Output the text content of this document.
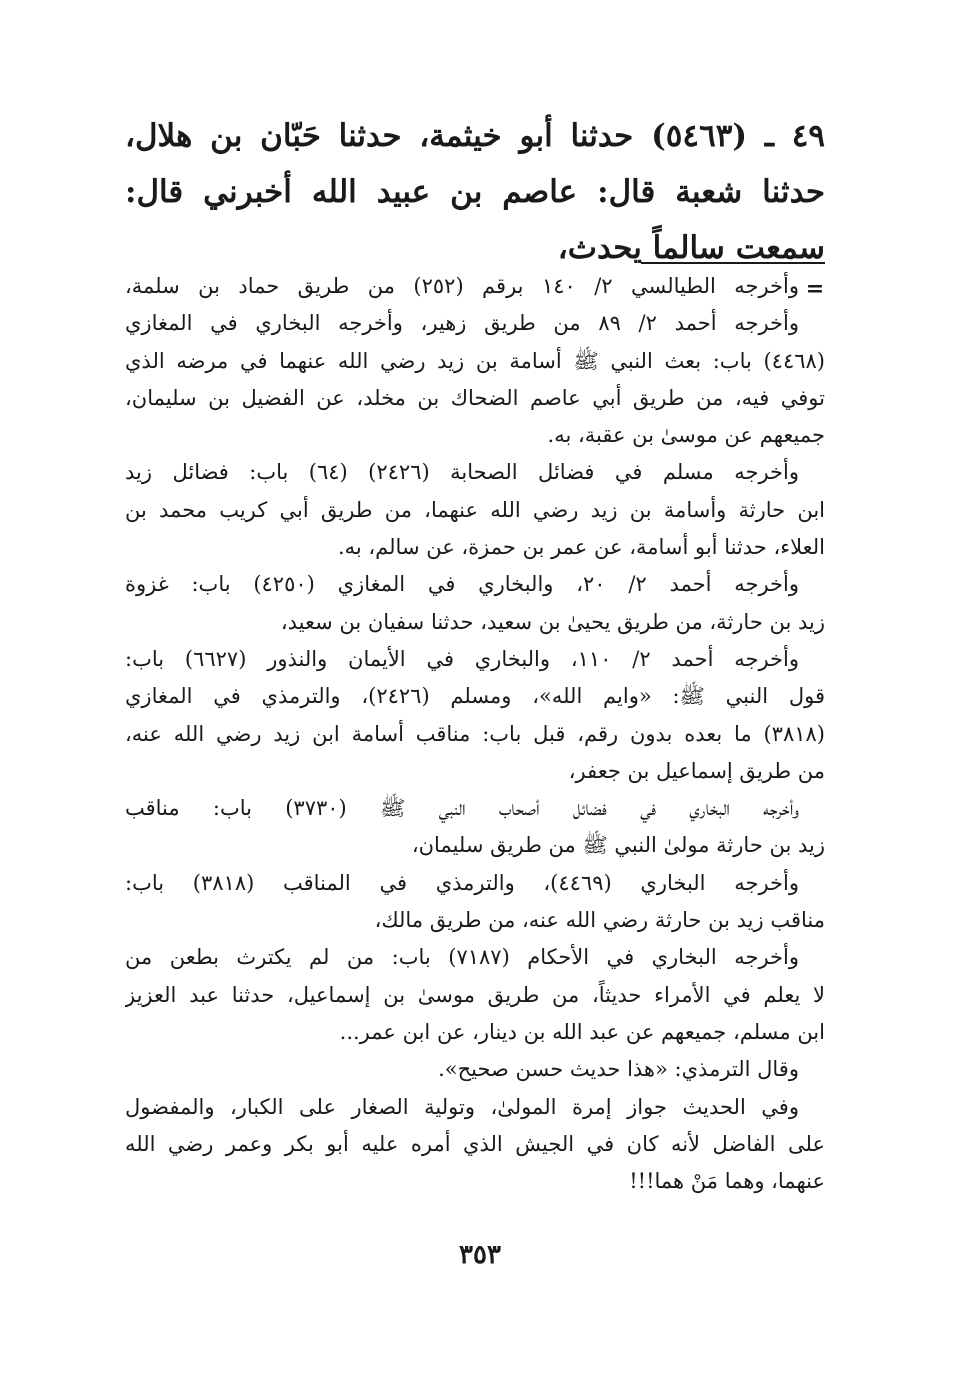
٤٩ ـ (٥٤٦٣) حدثنا أبو خيثمة، حدثنا حَبّان بن هلال، حدثنا شعبة قال: عاصم بن عبيد الله أخبرني قال: سمعت سالماً يحدث،
=
وأخرجه الطيالسي ٢/ ١٤٠ برقم (٢٥٢) من طريق حماد بن سلمة،
وأخرجه أحمد ٢/ ٨٩ من طريق زهير، وأخرجه البخاري في المغازي
(٤٤٦٨) باب: بعث النبي ﷺ أسامة بن زيد رضي الله عنهما في مرضه الذي
توفي فيه، من طريق أبي عاصم الضحاك بن مخلد، عن الفضيل بن سليمان،
جميعهم عن موسىٰ بن عقبة، به.
وأخرجه مسلم في فضائل الصحابة (٢٤٢٦) (٦٤) باب: فضائل زيد
ابن حارثة وأسامة بن زيد رضي الله عنهما، من طريق أبي كريب محمد بن
العلاء، حدثنا أبو أسامة، عن عمر بن حمزة، عن سالم، به.
وأخرجه أحمد ٢/ ٢٠، والبخاري في المغازي (٤٢٥٠) باب: غزوة
زيد بن حارثة، من طريق يحيىٰ بن سعيد، حدثنا سفيان بن سعيد،
وأخرجه أحمد ٢/ ١١٠، والبخاري في الأيمان والنذور (٦٦٢٧) باب:
قول النبي ﷺ: «وايم الله»، ومسلم (٢٤٢٦)، والترمذي في المغازي
(٣٨١٨) ما بعده بدون رقم، قبل باب: مناقب أسامة ابن زيد رضي الله عنه،
من طريق إسماعيل بن جعفر،
وأخرجه البخاري في فضائل أصحاب النبي ﷺ (٣٧٣٠) باب: مناقب
زيد بن حارثة مولىٰ النبي ﷺ من طريق سليمان،
وأخرجه البخاري (٤٤٦٩)، والترمذي في المناقب (٣٨١٨) باب:
مناقب زيد بن حارثة رضي الله عنه، من طريق مالك،
وأخرجه البخاري في الأحكام (٧١٨٧) باب: من لم يكترث بطعن من
لا يعلم في الأمراء حديثاً، من طريق موسىٰ بن إسماعيل، حدثنا عبد العزيز
ابن مسلم، جميعهم عن عبد الله بن دينار، عن ابن عمر...
وقال الترمذي: «هذا حديث حسن صحيح».
وفي الحديث جواز إمرة المولىٰ، وتولية الصغار على الكبار، والمفضول
على الفاضل لأنه كان في الجيش الذي أمره عليه أبو بكر وعمر رضي الله
عنهما، وهما مَنْ هما!!!
٣٥٣
